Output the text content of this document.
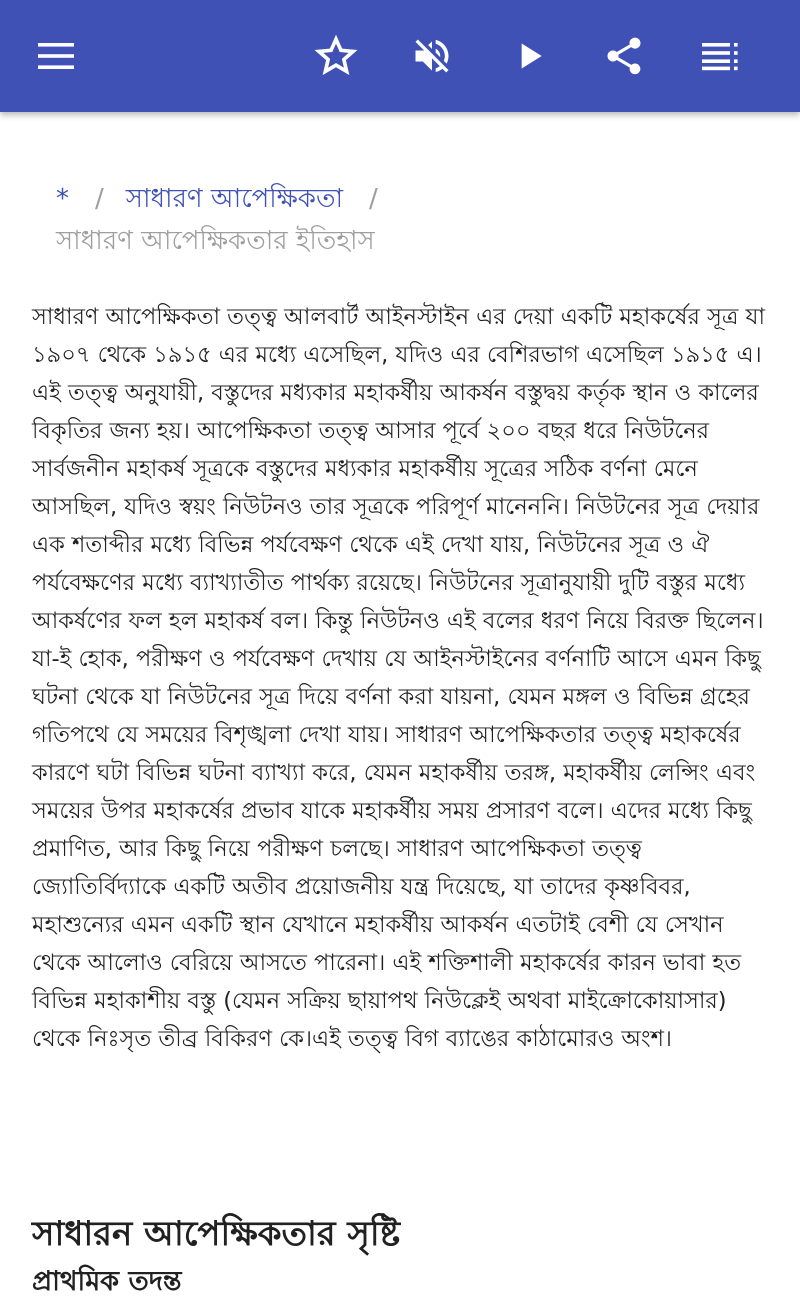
* / সাধারণ আপেক্ষিকতা /
সাধারণ আপেক্ষিকতার ইতিহাস

সাধারণ আপেক্ষিকতা তত্ত্ব আলবার্ট আইনস্টাইন এর দেয়া একটি মহাকর্ষের সূত্র যা ১৯০৭ থেকে ১৯১৫ এর মধ্যে এসেছিল, যদিও এর বেশিরভাগ এসেছিল ১৯১৫ এ। এই তত্ত্ব অনুযায়ী, বস্তুদের মধ্যকার মহাকর্ষীয় আকর্ষন বস্তুদ্বয় কর্তৃক স্থান ও কালের বিকৃতির জন্য হয়। আপেক্ষিকতা তত্ত্ব আসার পূর্বে ২০০ বছর ধরে নিউটনের সার্বজনীন মহাকর্ষ সূত্রকে বস্তুদের মধ্যকার মহাকর্ষীয় সূত্রের সঠিক বর্ণনা মেনে আসছিল, যদিও স্বয়ং নিউটনও তার সূত্রকে পরিপূর্ণ মানেননি। নিউটনের সূত্র দেয়ার এক শতাব্দীর মধ্যে বিভিন্ন পর্যবেক্ষণ থেকে এই দেখা যায়, নিউটনের সূত্র ও ঐ পর্যবেক্ষণের মধ্যে ব্যাখ্যাতীত পার্থক্য রয়েছে। নিউটনের সূত্রানুযায়ী দুটি বস্তুর মধ্যে আকর্ষণের ফল হল মহাকর্ষ বল। কিন্তু নিউটনও এই বলের ধরণ নিয়ে বিরক্ত ছিলেন। যা-ই হোক, পরীক্ষণ ও পর্যবেক্ষণ দেখায় যে আইনস্টাইনের বর্ণনাটি আসে এমন কিছু ঘটনা থেকে যা নিউটনের সূত্র দিয়ে বর্ণনা করা যায়না, যেমন মঙ্গল ও বিভিন্ন গ্রহের গতিপথে যে সময়ের বিশৃঙ্খলা দেখা যায়। সাধারণ আপেক্ষিকতার তত্ত্ব মহাকর্ষের কারণে ঘটা বিভিন্ন ঘটনা ব্যাখ্যা করে, যেমন মহাকর্ষীয় তরঙ্গ, মহাকর্ষীয় লেন্সিং এবং সময়ের উপর মহাকর্ষের প্রভাব যাকে মহাকর্ষীয় সময় প্রসারণ বলে। এদের মধ্যে কিছু প্রমাণিত, আর কিছু নিয়ে পরীক্ষণ চলছে। সাধারণ আপেক্ষিকতা তত্ত্ব জ্যোতির্বিদ্যাকে একটি অতীব প্রয়োজনীয় যন্ত্র দিয়েছে, যা তাদের কৃষ্ণবিবর, মহাশুন্যের এমন একটি স্থান যেখানে মহাকর্ষীয় আকর্ষন এতটাই বেশী যে সেখান থেকে আলোও বেরিয়ে আসতে পারেনা। এই শক্তিশালী মহাকর্ষের কারন ভাবা হত বিভিন্ন মহাকাশীয় বস্তু (যেমন সক্রিয় ছায়াপথ নিউক্লেই অথবা মাইক্রোকোয়াসার) থেকে নিঃসৃত তীব্র বিকিরণ কে।এই তত্ত্ব বিগ ব্যাঙের কাঠামোরও অংশ।

সাধারন আপেক্ষিকতার সৃষ্টি
প্রাথমিক তদন্ত
